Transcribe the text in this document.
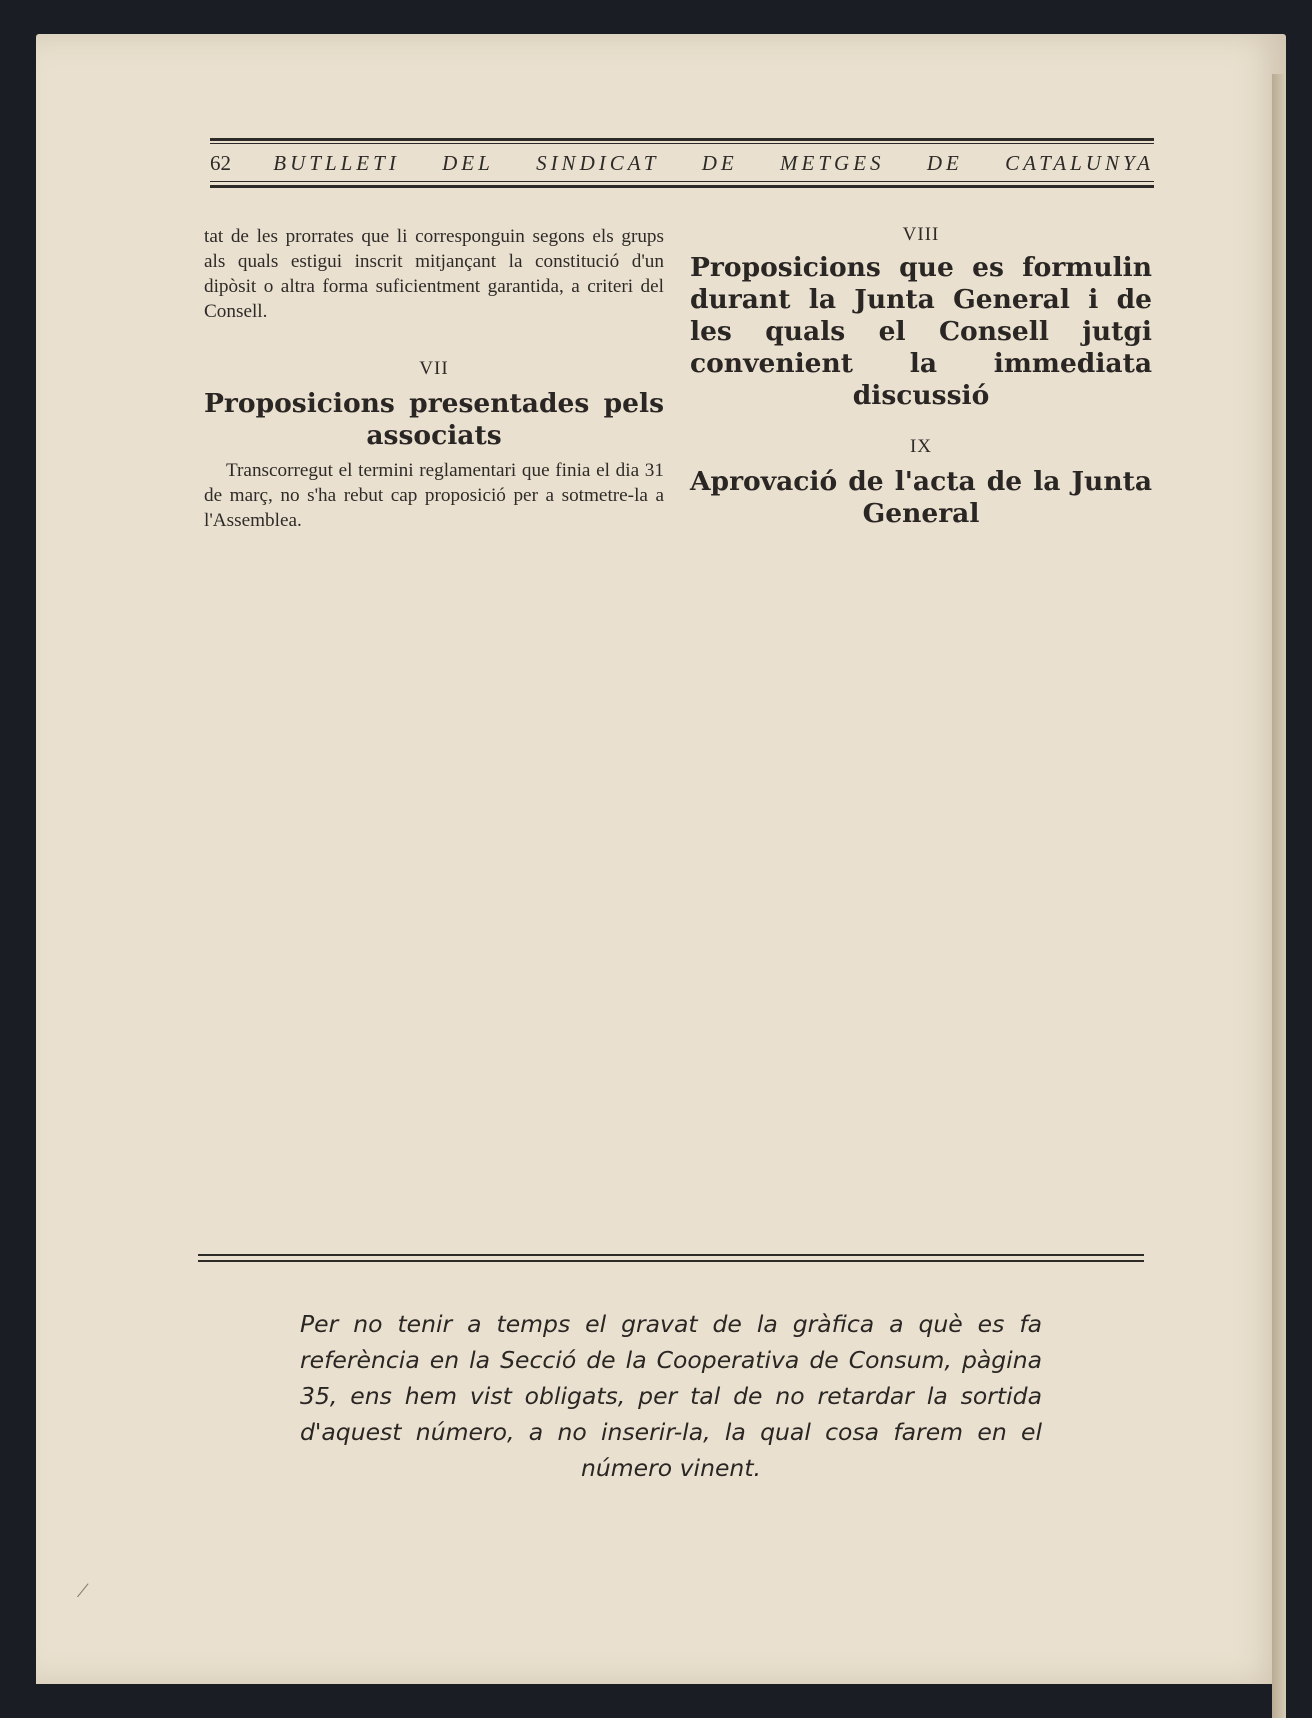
62 BUTLLETI DEL SINDICAT DE METGES DE CATALUNYA

tat de les prorrates que li corresponguin segons els grups als quals estigui inscrit mitjançant la constitució d'un dipòsit o altra forma suficientment garantida, a criteri del Consell.

VII

Proposicions presentades pels associats

Transcorregut el termini reglamentari que finia el dia 31 de març, no s'ha rebut cap proposició per a sotmetre-la a l'Assemblea.

VIII

Proposicions que es formulin durant la Junta General i de les quals el Consell jutgi convenient la immediata discussió

IX

Aprovació de l'acta de la Junta General

Per no tenir a temps el gravat de la gràfica a què es fa referència en la Secció de la Cooperativa de Consum, pàgina 35, ens hem vist obligats, per tal de no retardar la sortida d'aquest número, a no inserir-la, la qual cosa farem en el número vinent.

/
